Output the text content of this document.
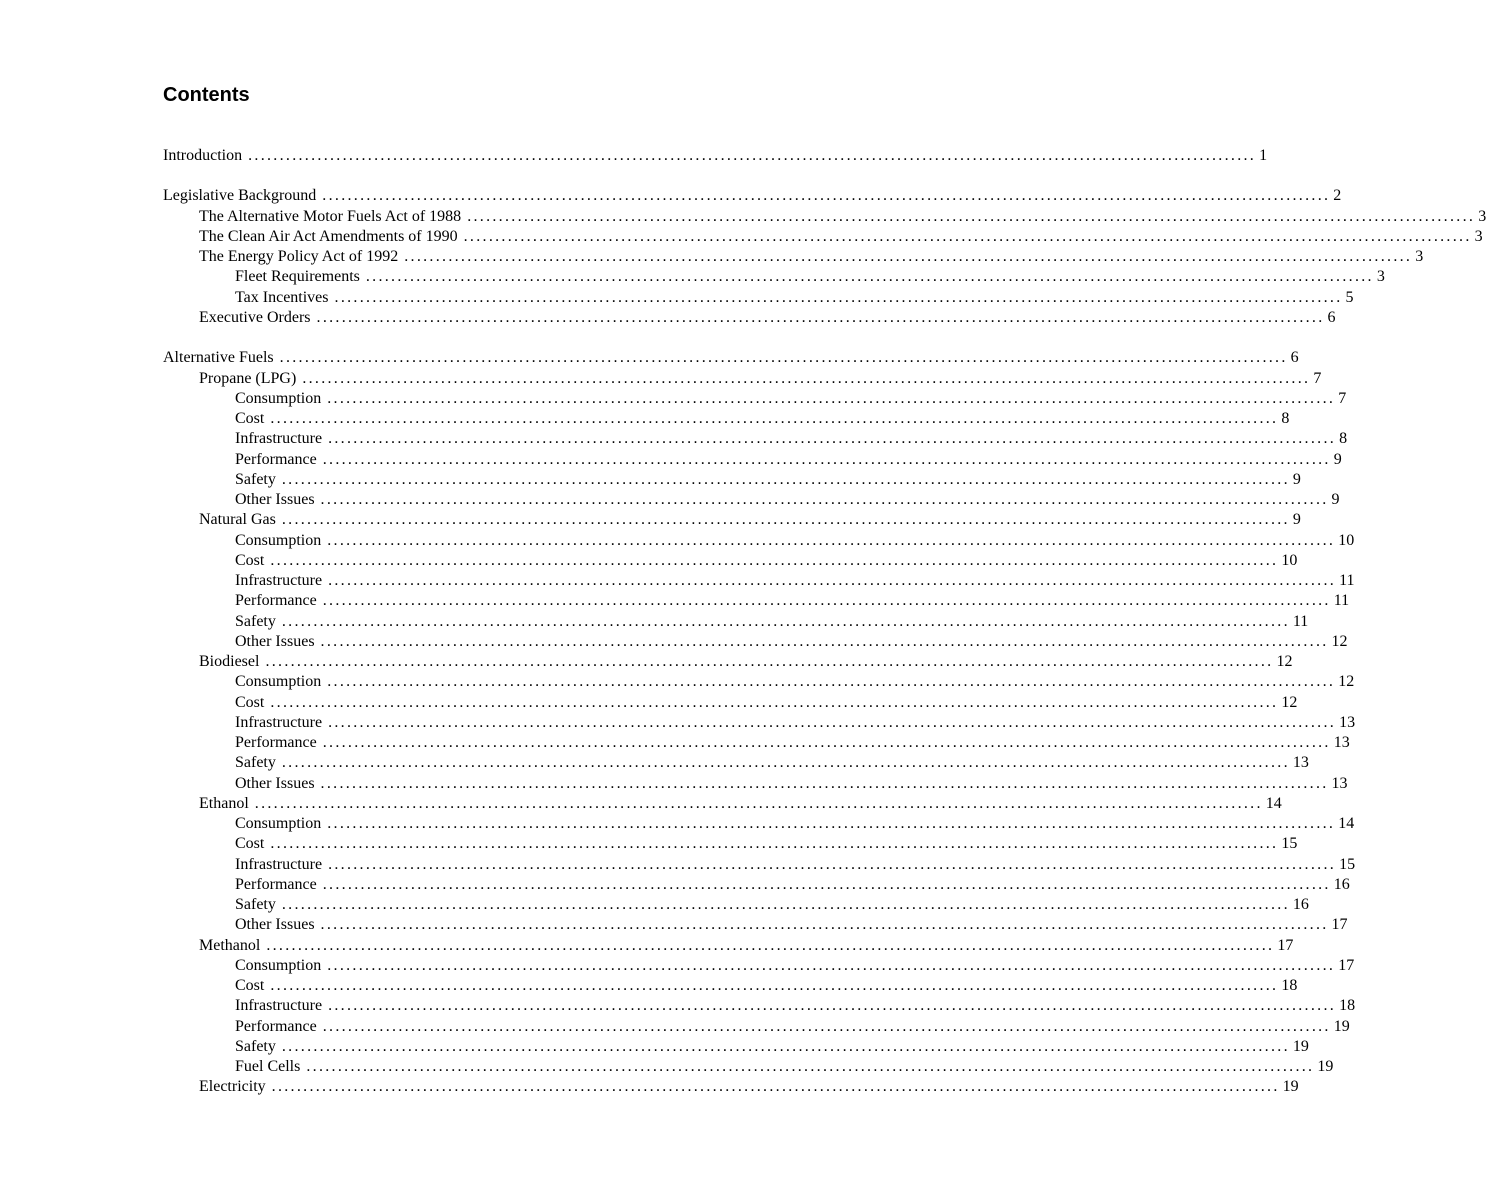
Contents
Introduction ................................................................................................................................................................ 1
Legislative Background ................................................................................................................................................................ 2
The Alternative Motor Fuels Act of 1988 ................................................................................................................................................................ 3
The Clean Air Act Amendments of 1990 ................................................................................................................................................................ 3
The Energy Policy Act of 1992 ................................................................................................................................................................ 3
Fleet Requirements ................................................................................................................................................................ 3
Tax Incentives ................................................................................................................................................................ 5
Executive Orders ................................................................................................................................................................ 6
Alternative Fuels ................................................................................................................................................................ 6
Propane (LPG) ................................................................................................................................................................ 7
Consumption ................................................................................................................................................................ 7
Cost ................................................................................................................................................................ 8
Infrastructure ................................................................................................................................................................ 8
Performance ................................................................................................................................................................ 9
Safety ................................................................................................................................................................ 9
Other Issues ................................................................................................................................................................ 9
Natural Gas ................................................................................................................................................................ 9
Consumption ................................................................................................................................................................ 10
Cost ................................................................................................................................................................ 10
Infrastructure ................................................................................................................................................................ 11
Performance ................................................................................................................................................................ 11
Safety ................................................................................................................................................................ 11
Other Issues ................................................................................................................................................................ 12
Biodiesel ................................................................................................................................................................ 12
Consumption ................................................................................................................................................................ 12
Cost ................................................................................................................................................................ 12
Infrastructure ................................................................................................................................................................ 13
Performance ................................................................................................................................................................ 13
Safety ................................................................................................................................................................ 13
Other Issues ................................................................................................................................................................ 13
Ethanol ................................................................................................................................................................ 14
Consumption ................................................................................................................................................................ 14
Cost ................................................................................................................................................................ 15
Infrastructure ................................................................................................................................................................ 15
Performance ................................................................................................................................................................ 16
Safety ................................................................................................................................................................ 16
Other Issues ................................................................................................................................................................ 17
Methanol ................................................................................................................................................................ 17
Consumption ................................................................................................................................................................ 17
Cost ................................................................................................................................................................ 18
Infrastructure ................................................................................................................................................................ 18
Performance ................................................................................................................................................................ 19
Safety ................................................................................................................................................................ 19
Fuel Cells ................................................................................................................................................................ 19
Electricity ................................................................................................................................................................ 19
